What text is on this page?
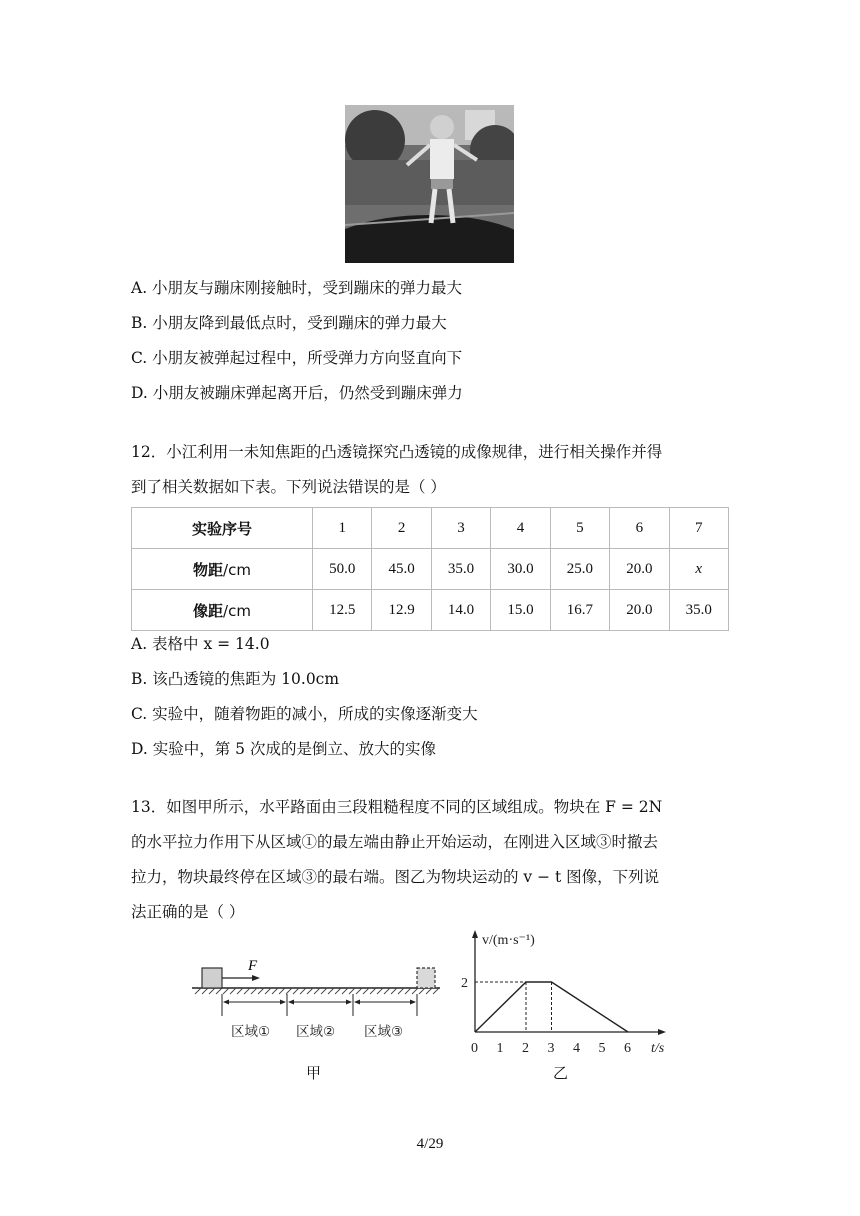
A. 小朋友与蹦床刚接触时，受到蹦床的弹力最大
B. 小朋友降到最低点时，受到蹦床的弹力最大
C. 小朋友被弹起过程中，所受弹力方向竖直向下
D. 小朋友被蹦床弹起离开后，仍然受到蹦床弹力
12．小江利用一未知焦距的凸透镜探究凸透镜的成像规律，进行相关操作并得
到了相关数据如下表。下列说法错误的是（ ）
实验序号	1	2	3	4	5	6	7
物距/cm	50.0	45.0	35.0	30.0	25.0	20.0	x
像距/cm	12.5	12.9	14.0	15.0	16.7	20.0	35.0
A. 表格中 x = 14.0
B. 该凸透镜的焦距为 10.0cm
C. 实验中，随着物距的减小，所成的实像逐渐变大
D. 实验中，第 5 次成的是倒立、放大的实像
13．如图甲所示，水平路面由三段粗糙程度不同的区域组成。物块在 F = 2N
的水平拉力作用下从区域①的最左端由静止开始运动，在刚进入区域③时撤去
拉力，物块最终停在区域③的最右端。图乙为物块运动的 v − t 图像，下列说
法正确的是（ ）
F
区域① 区域② 区域③
甲
v/(m·s⁻¹)
t/s
0 1 2 3 4 5 6
2
乙
4/29
